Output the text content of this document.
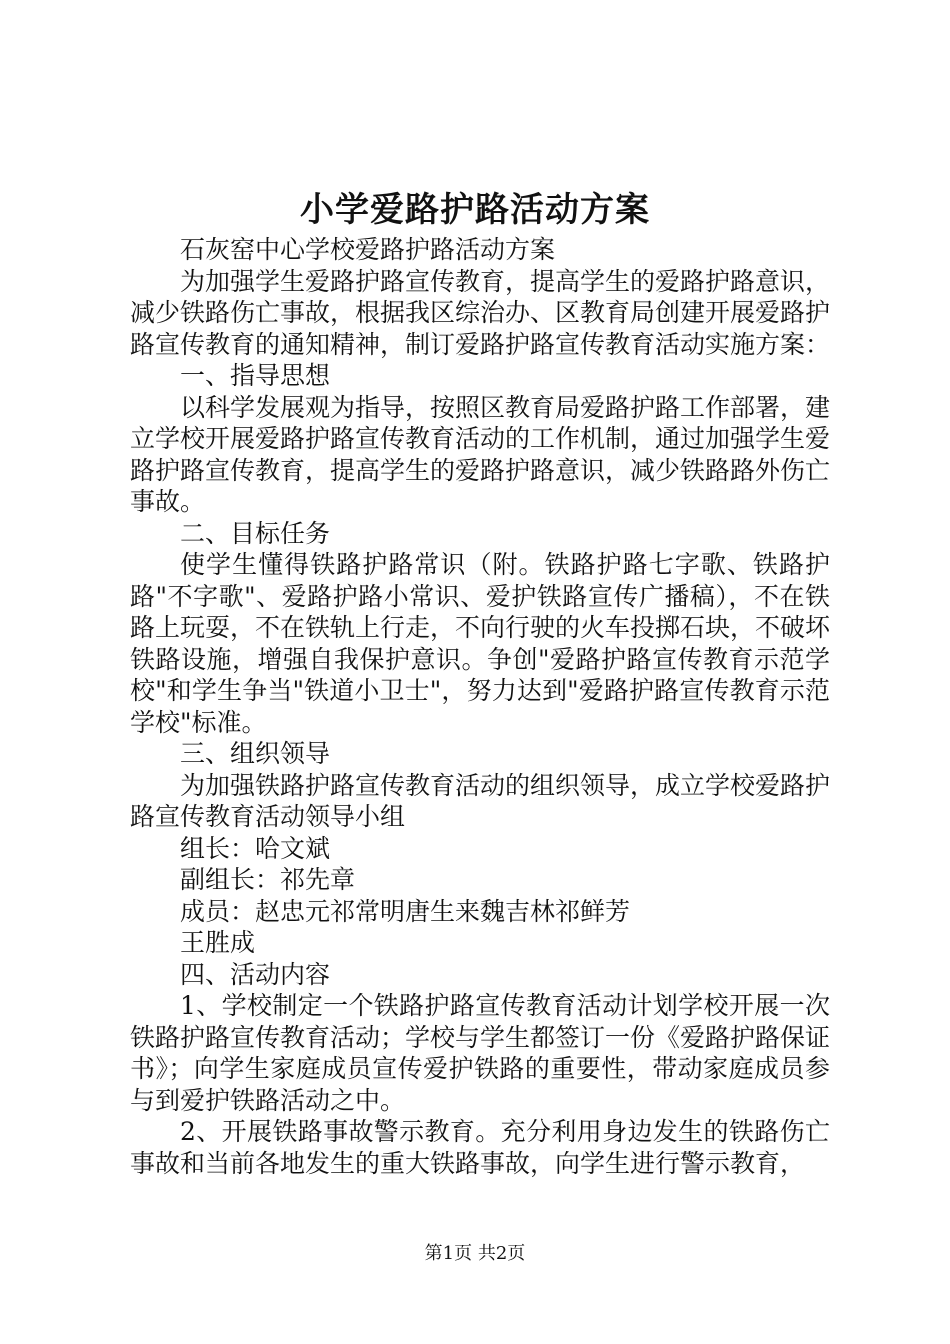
小学爱路护路活动方案

石灰窑中心学校爱路护路活动方案

为加强学生爱路护路宣传教育，提高学生的爱路护路意识，减少铁路伤亡事故，根据我区综治办、区教育局创建开展爱路护路宣传教育的通知精神，制订爱路护路宣传教育活动实施方案：

一、指导思想

以科学发展观为指导，按照区教育局爱路护路工作部署，建立学校开展爱路护路宣传教育活动的工作机制，通过加强学生爱路护路宣传教育，提高学生的爱路护路意识，减少铁路路外伤亡事故。

二、目标任务

使学生懂得铁路护路常识（附。铁路护路七字歌、铁路护路"不字歌"、爱路护路小常识、爱护铁路宣传广播稿），不在铁路上玩耍，不在铁轨上行走，不向行驶的火车投掷石块，不破坏铁路设施，增强自我保护意识。争创"爱路护路宣传教育示范学校"和学生争当"铁道小卫士"，努力达到"爱路护路宣传教育示范学校"标准。

三、组织领导

为加强铁路护路宣传教育活动的组织领导，成立学校爱路护路宣传教育活动领导小组

组长：哈文斌

副组长：祁先章

成员：赵忠元祁常明唐生来魏吉林祁鲜芳

王胜成

四、活动内容

1、学校制定一个铁路护路宣传教育活动计划学校开展一次铁路护路宣传教育活动；学校与学生都签订一份《爱路护路保证书》；向学生家庭成员宣传爱护铁路的重要性，带动家庭成员参与到爱护铁路活动之中。

2、开展铁路事故警示教育。充分利用身边发生的铁路伤亡事故和当前各地发生的重大铁路事故，向学生进行警示教育，

第1页 共2页
